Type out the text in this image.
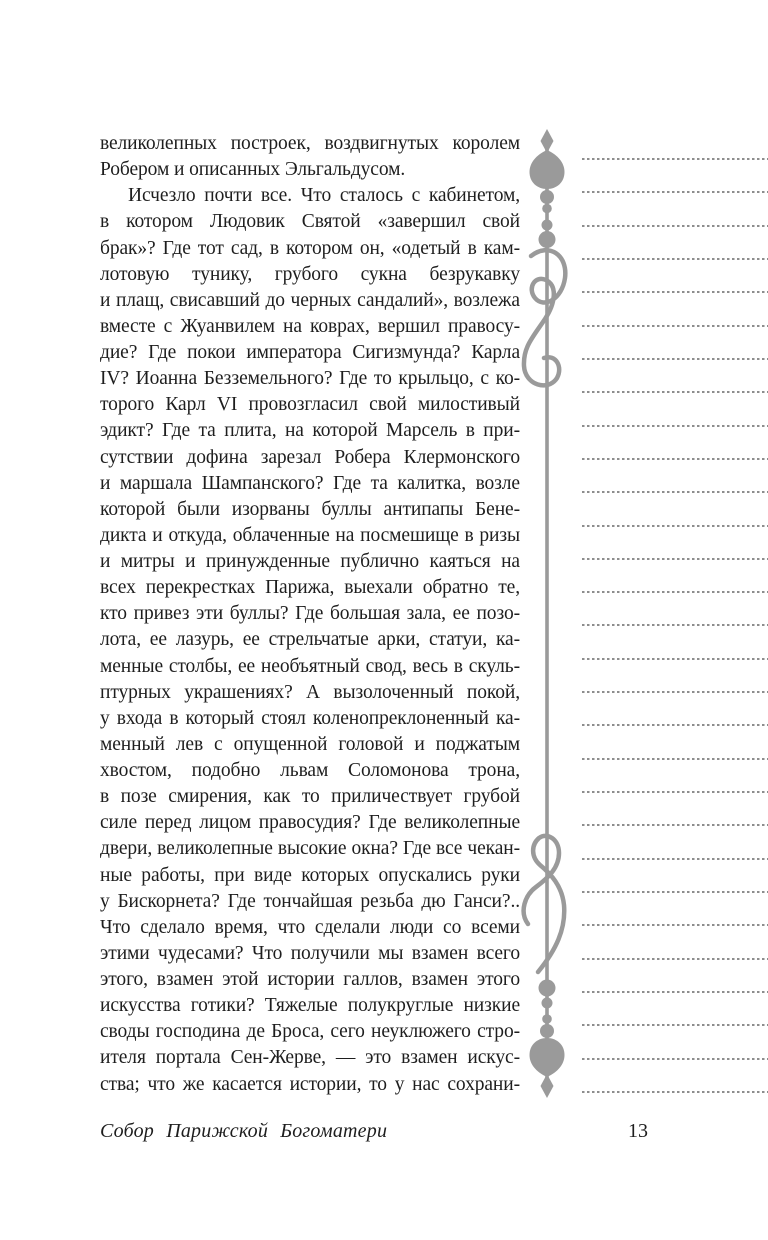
великолепных построек, воздвигнутых королем
Робером и описанных Эльгальдусом.
Исчезло почти все. Что сталось с кабинетом,
в котором Людовик Святой «завершил свой
брак»? Где тот сад, в котором он, «одетый в кам-
лотовую тунику, грубого сукна безрукавку
и плащ, свисавший до черных сандалий», возлежа
вместе с Жуанвилем на коврах, вершил правосу-
дие? Где покои императора Сигизмунда? Карла
IV? Иоанна Безземельного? Где то крыльцо, с ко-
торого Карл VI провозгласил свой милостивый
эдикт? Где та плита, на которой Марсель в при-
сутствии дофина зарезал Робера Клермонского
и маршала Шампанского? Где та калитка, возле
которой были изорваны буллы антипапы Бене-
дикта и откуда, облаченные на посмешище в ризы
и митры и принужденные публично каяться на
всех перекрестках Парижа, выехали обратно те,
кто привез эти буллы? Где большая зала, ее позо-
лота, ее лазурь, ее стрельчатые арки, статуи, ка-
менные столбы, ее необъятный свод, весь в скуль-
птурных украшениях? А вызолоченный покой,
у входа в который стоял коленопреклоненный ка-
менный лев с опущенной головой и поджатым
хвостом, подобно львам Соломонова трона,
в позе смирения, как то приличествует грубой
силе перед лицом правосудия? Где великолепные
двери, великолепные высокие окна? Где все чекан-
ные работы, при виде которых опускались руки
у Бискорнета? Где тончайшая резьба дю Ганси?..
Что сделало время, что сделали люди со всеми
этими чудесами? Что получили мы взамен всего
этого, взамен этой истории галлов, взамен этого
искусства готики? Тяжелые полукруглые низкие
своды господина де Броса, сего неуклюжего стро-
ителя портала Сен-Жерве, — это взамен искус-
ства; что же касается истории, то у нас сохрани-
Собор Парижской Богоматери	13
